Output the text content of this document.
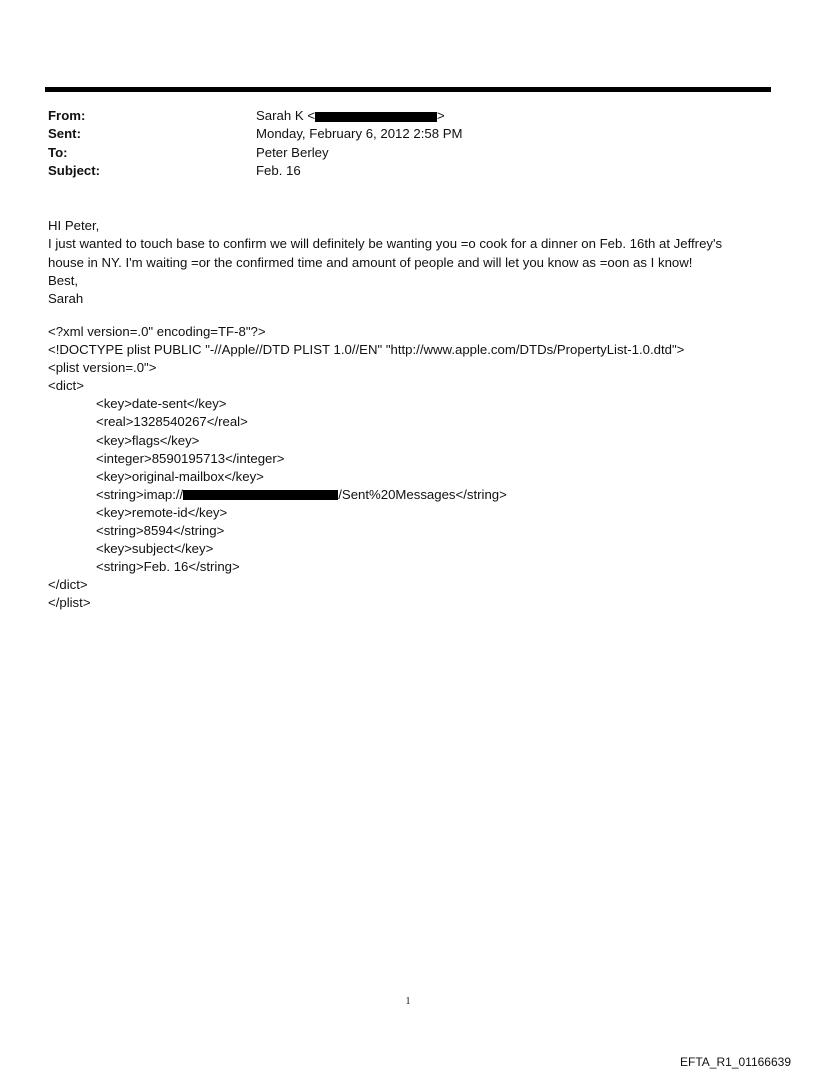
From:	Sarah K <	>
Sent:	Monday, February 6, 2012 2:58 PM
To:	Peter Berley
Subject:	Feb. 16

HI Peter,

I just wanted to touch base to confirm we will definitely be wanting you =o cook for a dinner on Feb. 16th at Jeffrey's

house in NY. I'm waiting =or the confirmed time and amount of people and will let you know as =oon as I know!

Best,

Sarah

<?xml version=.0" encoding=TF-8"?>
<!DOCTYPE plist PUBLIC "-//Apple//DTD PLIST 1.0//EN" "http://www.apple.com/DTDs/PropertyList-1.0.dtd">
<plist version=.0">
<dict>
<key>date-sent</key>
<real>1328540267</real>
<key>flags</key>
<integer>8590195713</integer>
<key>original-mailbox</key>
<string>imap://	/Sent%20Messages</string>
<key>remote-id</key>
<string>8594</string>
<key>subject</key>
<string>Feb. 16</string>
</dict>
</plist>
1
EFTA_R1_01166639
